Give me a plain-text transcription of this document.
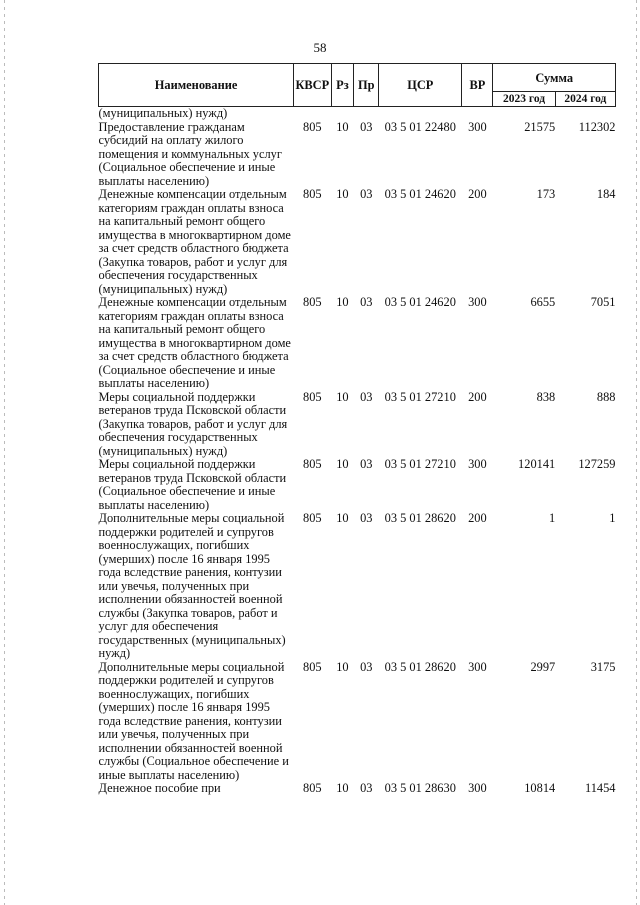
58
Наименование	КВСР	Рз	Пр	ЦСР	ВР	Сумма	
						2023 год	2024 год
(муниципальных) нужд)							
Предоставление гражданам субсидий на оплату жилого помещения и коммунальных услуг (Социальное обеспечение и иные выплаты населению)	805	10	03	03 5 01 22480	300	21575	112302
Денежные компенсации отдельным категориям граждан оплаты взноса на капитальный ремонт общего имущества в многоквартирном доме за счет средств областного бюджета (Закупка товаров, работ и услуг для обеспечения государственных (муниципальных) нужд)	805	10	03	03 5 01 24620	200	173	184
Денежные компенсации отдельным категориям граждан оплаты взноса на капитальный ремонт общего имущества в многоквартирном доме за счет средств областного бюджета (Социальное обеспечение и иные выплаты населению)	805	10	03	03 5 01 24620	300	6655	7051
Меры социальной поддержки ветеранов труда Псковской области (Закупка товаров, работ и услуг для обеспечения государственных (муниципальных) нужд)	805	10	03	03 5 01 27210	200	838	888
Меры социальной поддержки ветеранов труда Псковской области (Социальное обеспечение и иные выплаты населению)	805	10	03	03 5 01 27210	300	120141	127259
Дополнительные меры социальной поддержки родителей и супругов военнослужащих, погибших (умерших) после 16 января 1995 года вследствие ранения, контузии или увечья, полученных при исполнении обязанностей военной службы (Закупка товаров, работ и услуг для обеспечения государственных (муниципальных) нужд)	805	10	03	03 5 01 28620	200	1	1
Дополнительные меры социальной поддержки родителей и супругов военнослужащих, погибших (умерших) после 16 января 1995 года вследствие ранения, контузии или увечья, полученных при исполнении обязанностей военной службы (Социальное обеспечение и иные выплаты населению)	805	10	03	03 5 01 28620	300	2997	3175
Денежное пособие при	805	10	03	03 5 01 28630	300	10814	11454
